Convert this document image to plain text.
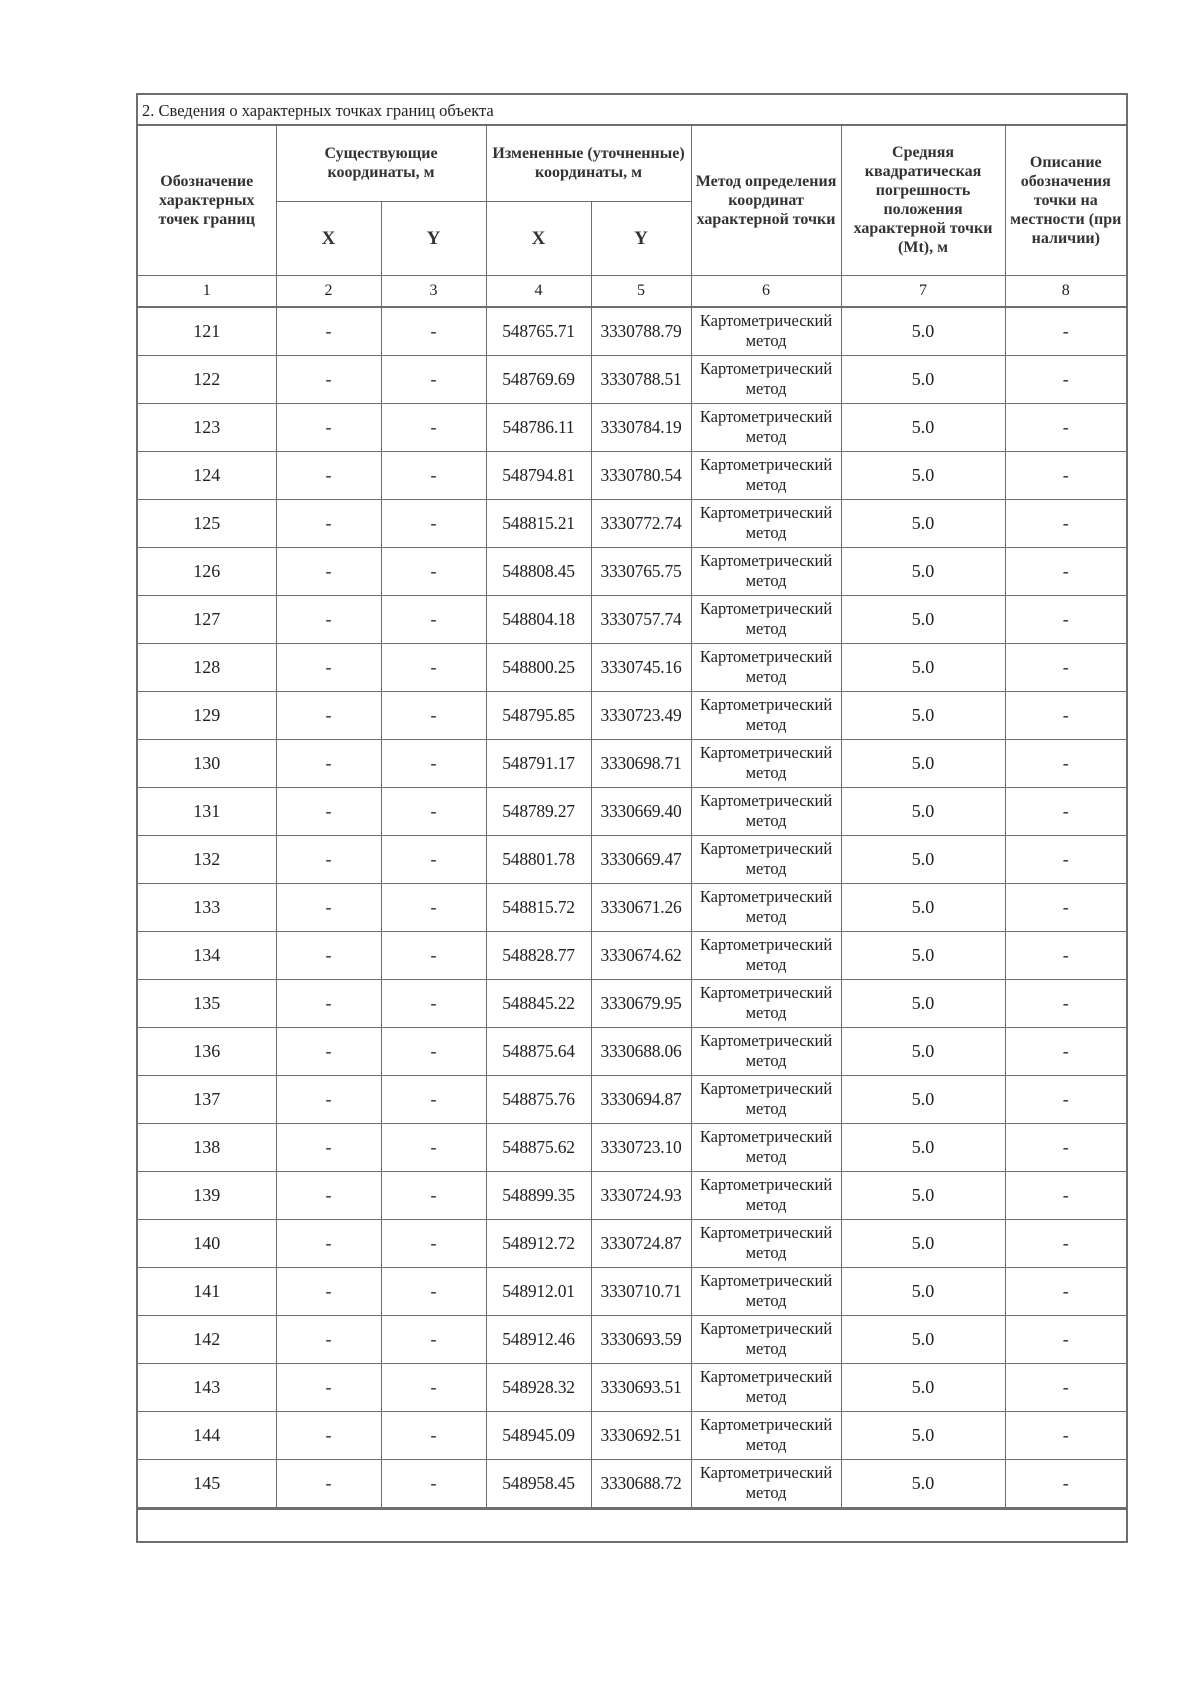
2. Сведения о характерных точках границ объекта
Обозначение характерных точек границ	Существующие координаты, м		Измененные (уточненные) координаты, м		Метод определения координат характерной точки	Средняя квадратическая погрешность положения характерной точки (Mt), м	Описание обозначения точки на местности (при наличии)
	X	Y	X	Y			
1	2	3	4	5	6	7	8
121	-	-	548765.71	3330788.79	Картометрический метод	5.0	-
122	-	-	548769.69	3330788.51	Картометрический метод	5.0	-
123	-	-	548786.11	3330784.19	Картометрический метод	5.0	-
124	-	-	548794.81	3330780.54	Картометрический метод	5.0	-
125	-	-	548815.21	3330772.74	Картометрический метод	5.0	-
126	-	-	548808.45	3330765.75	Картометрический метод	5.0	-
127	-	-	548804.18	3330757.74	Картометрический метод	5.0	-
128	-	-	548800.25	3330745.16	Картометрический метод	5.0	-
129	-	-	548795.85	3330723.49	Картометрический метод	5.0	-
130	-	-	548791.17	3330698.71	Картометрический метод	5.0	-
131	-	-	548789.27	3330669.40	Картометрический метод	5.0	-
132	-	-	548801.78	3330669.47	Картометрический метод	5.0	-
133	-	-	548815.72	3330671.26	Картометрический метод	5.0	-
134	-	-	548828.77	3330674.62	Картометрический метод	5.0	-
135	-	-	548845.22	3330679.95	Картометрический метод	5.0	-
136	-	-	548875.64	3330688.06	Картометрический метод	5.0	-
137	-	-	548875.76	3330694.87	Картометрический метод	5.0	-
138	-	-	548875.62	3330723.10	Картометрический метод	5.0	-
139	-	-	548899.35	3330724.93	Картометрический метод	5.0	-
140	-	-	548912.72	3330724.87	Картометрический метод	5.0	-
141	-	-	548912.01	3330710.71	Картометрический метод	5.0	-
142	-	-	548912.46	3330693.59	Картометрический метод	5.0	-
143	-	-	548928.32	3330693.51	Картометрический метод	5.0	-
144	-	-	548945.09	3330692.51	Картометрический метод	5.0	-
145	-	-	548958.45	3330688.72	Картометрический метод	5.0	-
